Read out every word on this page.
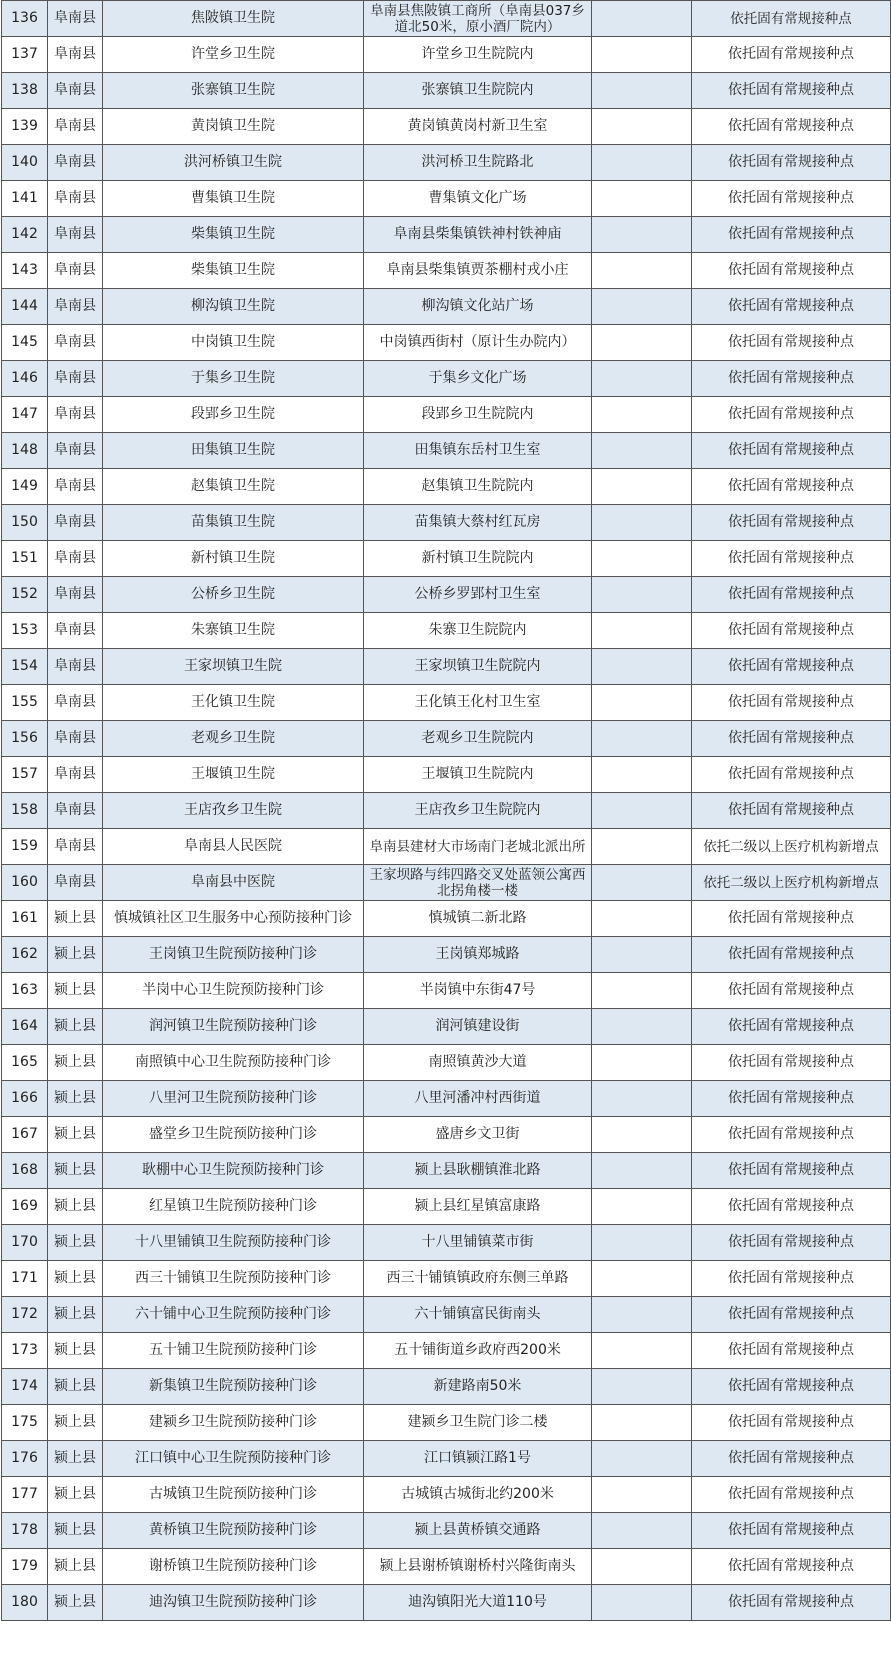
136	阜南县	焦陂镇卫生院	阜南县焦陂镇工商所（阜南县037乡道北50米，原小酒厂院内）		依托固有常规接种点
137	阜南县	许堂乡卫生院	许堂乡卫生院院内		依托固有常规接种点
138	阜南县	张寨镇卫生院	张寨镇卫生院院内		依托固有常规接种点
139	阜南县	黄岗镇卫生院	黄岗镇黄岗村新卫生室		依托固有常规接种点
140	阜南县	洪河桥镇卫生院	洪河桥卫生院路北		依托固有常规接种点
141	阜南县	曹集镇卫生院	曹集镇文化广场		依托固有常规接种点
142	阜南县	柴集镇卫生院	阜南县柴集镇铁神村铁神庙		依托固有常规接种点
143	阜南县	柴集镇卫生院	阜南县柴集镇贾茶棚村戎小庄		依托固有常规接种点
144	阜南县	柳沟镇卫生院	柳沟镇文化站广场		依托固有常规接种点
145	阜南县	中岗镇卫生院	中岗镇西街村（原计生办院内）		依托固有常规接种点
146	阜南县	于集乡卫生院	于集乡文化广场		依托固有常规接种点
147	阜南县	段郢乡卫生院	段郢乡卫生院院内		依托固有常规接种点
148	阜南县	田集镇卫生院	田集镇东岳村卫生室		依托固有常规接种点
149	阜南县	赵集镇卫生院	赵集镇卫生院院内		依托固有常规接种点
150	阜南县	苗集镇卫生院	苗集镇大蔡村红瓦房		依托固有常规接种点
151	阜南县	新村镇卫生院	新村镇卫生院院内		依托固有常规接种点
152	阜南县	公桥乡卫生院	公桥乡罗郢村卫生室		依托固有常规接种点
153	阜南县	朱寨镇卫生院	朱寨卫生院院内		依托固有常规接种点
154	阜南县	王家坝镇卫生院	王家坝镇卫生院院内		依托固有常规接种点
155	阜南县	王化镇卫生院	王化镇王化村卫生室		依托固有常规接种点
156	阜南县	老观乡卫生院	老观乡卫生院院内		依托固有常规接种点
157	阜南县	王堰镇卫生院	王堰镇卫生院院内		依托固有常规接种点
158	阜南县	王店孜乡卫生院	王店孜乡卫生院院内		依托固有常规接种点
159	阜南县	阜南县人民医院	阜南县建材大市场南门老城北派出所		依托二级以上医疗机构新增点
160	阜南县	阜南县中医院	王家坝路与纬四路交叉处蓝领公寓西北拐角楼一楼		依托二级以上医疗机构新增点
161	颍上县	慎城镇社区卫生服务中心预防接种门诊	慎城镇二新北路		依托固有常规接种点
162	颍上县	王岗镇卫生院预防接种门诊	王岗镇郑城路		依托固有常规接种点
163	颍上县	半岗中心卫生院预防接种门诊	半岗镇中东街47号		依托固有常规接种点
164	颍上县	润河镇卫生院预防接种门诊	润河镇建设街		依托固有常规接种点
165	颍上县	南照镇中心卫生院预防接种门诊	南照镇黄沙大道		依托固有常规接种点
166	颍上县	八里河卫生院预防接种门诊	八里河潘冲村西街道		依托固有常规接种点
167	颍上县	盛堂乡卫生院预防接种门诊	盛唐乡文卫街		依托固有常规接种点
168	颍上县	耿棚中心卫生院预防接种门诊	颍上县耿棚镇淮北路		依托固有常规接种点
169	颍上县	红星镇卫生院预防接种门诊	颍上县红星镇富康路		依托固有常规接种点
170	颍上县	十八里铺镇卫生院预防接种门诊	十八里铺镇菜市街		依托固有常规接种点
171	颍上县	西三十铺镇卫生院预防接种门诊	西三十铺镇镇政府东侧三单路		依托固有常规接种点
172	颍上县	六十铺中心卫生院预防接种门诊	六十铺镇富民街南头		依托固有常规接种点
173	颍上县	五十铺卫生院预防接种门诊	五十铺街道乡政府西200米		依托固有常规接种点
174	颍上县	新集镇卫生院预防接种门诊	新建路南50米		依托固有常规接种点
175	颍上县	建颍乡卫生院预防接种门诊	建颍乡卫生院门诊二楼		依托固有常规接种点
176	颍上县	江口镇中心卫生院预防接种门诊	江口镇颍江路1号		依托固有常规接种点
177	颍上县	古城镇卫生院预防接种门诊	古城镇古城街北约200米		依托固有常规接种点
178	颍上县	黄桥镇卫生院预防接种门诊	颍上县黄桥镇交通路		依托固有常规接种点
179	颍上县	谢桥镇卫生院预防接种门诊	颍上县谢桥镇谢桥村兴隆街南头		依托固有常规接种点
180	颍上县	迪沟镇卫生院预防接种门诊	迪沟镇阳光大道110号		依托固有常规接种点
